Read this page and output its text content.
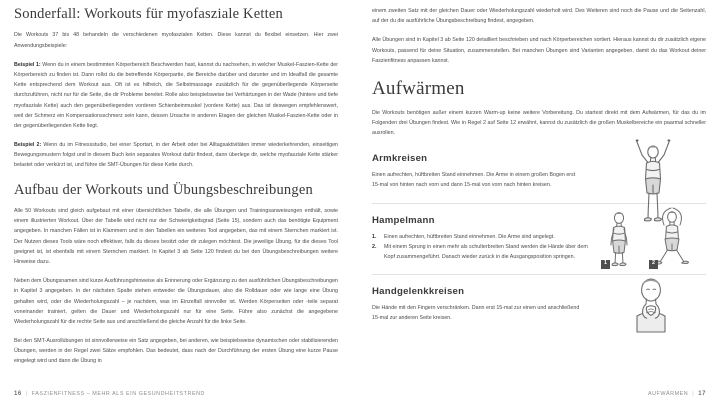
Sonderfall: Workouts für myofasziale Ketten

Die Workouts 37 bis 48 behandeln die verschiedenen myofaszialen Ketten. Diese kannst du flexibel einsetzen. Hier zwei Anwendungsbeispiele:

Beispiel 1: Wenn du in einem bestimmten Körperbereich Beschwerden hast, kannst du nachsehen, in welcher Muskel-Faszien-Kette der Körperbereich zu finden ist. Dann rollst du die betreffende Körperpartie, die Bereiche darüber und darunter und im Idealfall die gesamte Kette entsprechend dem Workout aus. Oft ist es hilfreich, die Selbstmassage zusätzlich für die gegenüberliegende Körperseite durchzuführen, nicht nur für die Seite, die dir Probleme bereitet. Rolle also beispielsweise bei Verhärtungen in der Wade (hintere und tiefe myofasziale Kette) auch den gegenüberliegenden vorderen Schienbeinmuskel (vordere Kette) aus. Das ist deswegen empfehlenswert, weil der Schmerz ein Kompensationsschmerz sein kann, dessen Ursache in anderen Etagen der gleichen Muskel-Faszien-Kette oder in der gegenüberliegenden Kette liegt.

Beispiel 2: Wenn du im Fitnessstudio, bei einer Sportart, in der Arbeit oder bei Alltagsaktivitäten immer wiederkehrenden, einseitigen Bewegungsmustern folgst und in diesem Buch kein separates Workout dafür findest, dann überlege dir, welche myofasziale Kette stärker belastet oder verkürzt ist, und führe die SMT-Übungen für diese Kette durch.

Aufbau der Workouts und Übungsbeschreibungen

Alle 50 Workouts sind gleich aufgebaut mit einer übersichtlichen Tabelle, die alle Übungen und Trainingsanweisungen enthält, sowie einem illustrierten Workout. Über der Tabelle wird nicht nur der Schwierigkeitsgrad (Seite 15), sondern auch das benötigte Equipment angegeben. In manchen Fällen ist in Klammern und in den Tabellen ein weiteres Tool angegeben, das mit einem Sternchen markiert ist. Der Nutzen dieses Tools wäre noch effektiver, falls du dieses besitzt oder dir zulegen möchtest. Die jeweilige Übung, für die dieses Tool geeignet ist, ist ebenfalls mit einem Sternchen markiert. In Kapitel 3 ab Seite 120 findest du bei den Übungsbeschreibungen weitere Hinweise dazu.

Neben dem Übungsnamen sind kurze Ausführungshinweise als Erinnerung oder Ergänzung zu den ausführlichen Übungsbeschreibungen in Kapitel 3 angegeben. In der nächsten Spalte stehen entweder die Übungsdauer, also die Rolldauer oder wie lange eine Übung gehalten wird, oder die Wiederholungszahl – je nachdem, was im Einzelfall sinnvoller ist. Werden Körperseiten oder -teile separat voneinander trainiert, gelten die Dauer und Wiederholungszahl nur für eine Seite. Führe also zunächst die angegebene Wiederholungszahl für die rechte Seite aus und anschließend die gleiche Anzahl für die linke Seite.

Bei den SMT-Ausrollübungen ist sinnvollerweise ein Satz angegeben, bei anderen, wie beispielsweise dynamischen oder stabilisierenden Übungen, werden in der Regel zwei Sätze empfohlen. Das bedeutet, dass nach der Durchführung der ersten Übung eine kurze Pause eingelegt wird und dann die Übung in

16 | FASZIENFITNESS – MEHR ALS EIN GESUNDHEITSTREND

einem zweiten Satz mit der gleichen Dauer oder Wiederholungszahl wiederholt wird. Des Weiteren sind noch die Pause und die Seitenzahl, auf der du die ausführliche Übungsbeschreibung findest, angegeben.

Alle Übungen sind in Kapitel 3 ab Seite 120 detailliert beschrieben und nach Körperbereichen sortiert. Hieraus kannst du dir zusätzlich eigene Workouts, passend für deine Situation, zusammenstellen. Bei manchen Übungen sind Varianten angegeben, damit du das Workout deiner Faszienfitness anpassen kannst.

Aufwärmen

Die Workouts benötigen außer einem kurzen Warm-up keine weitere Vorbereitung. Du startest direkt mit dem Aufwärmen, für das du im Folgenden drei Übungen findest. Wie in Regel 2 auf Seite 12 erwähnt, kannst du zusätzlich die großen Muskelbereiche ein paarmal schneller ausrollen.

Armkreisen

Einen aufrechten, hüftbreiten Stand einnehmen. Die Arme in einem großen Bogen erst 15-mal von hinten nach vorn und dann 15-mal von vorn nach hinten kreisen.

Hampelmann
Einen aufrechten, hüftbreiten Stand einnehmen. Die Arme sind angelegt.
Mit einem Sprung in einen mehr als schulterbreiten Stand werden die Hände über dem Kopf zusammengeführt. Danach wieder zurück in die Ausgangsposition springen.
1	2
Handgelenkkreisen

Die Hände mit den Fingern verschränken. Dann erst 15-mal zur einen und anschließend 15-mal zur anderen Seite kreisen.

AUFWÄRMEN | 17
